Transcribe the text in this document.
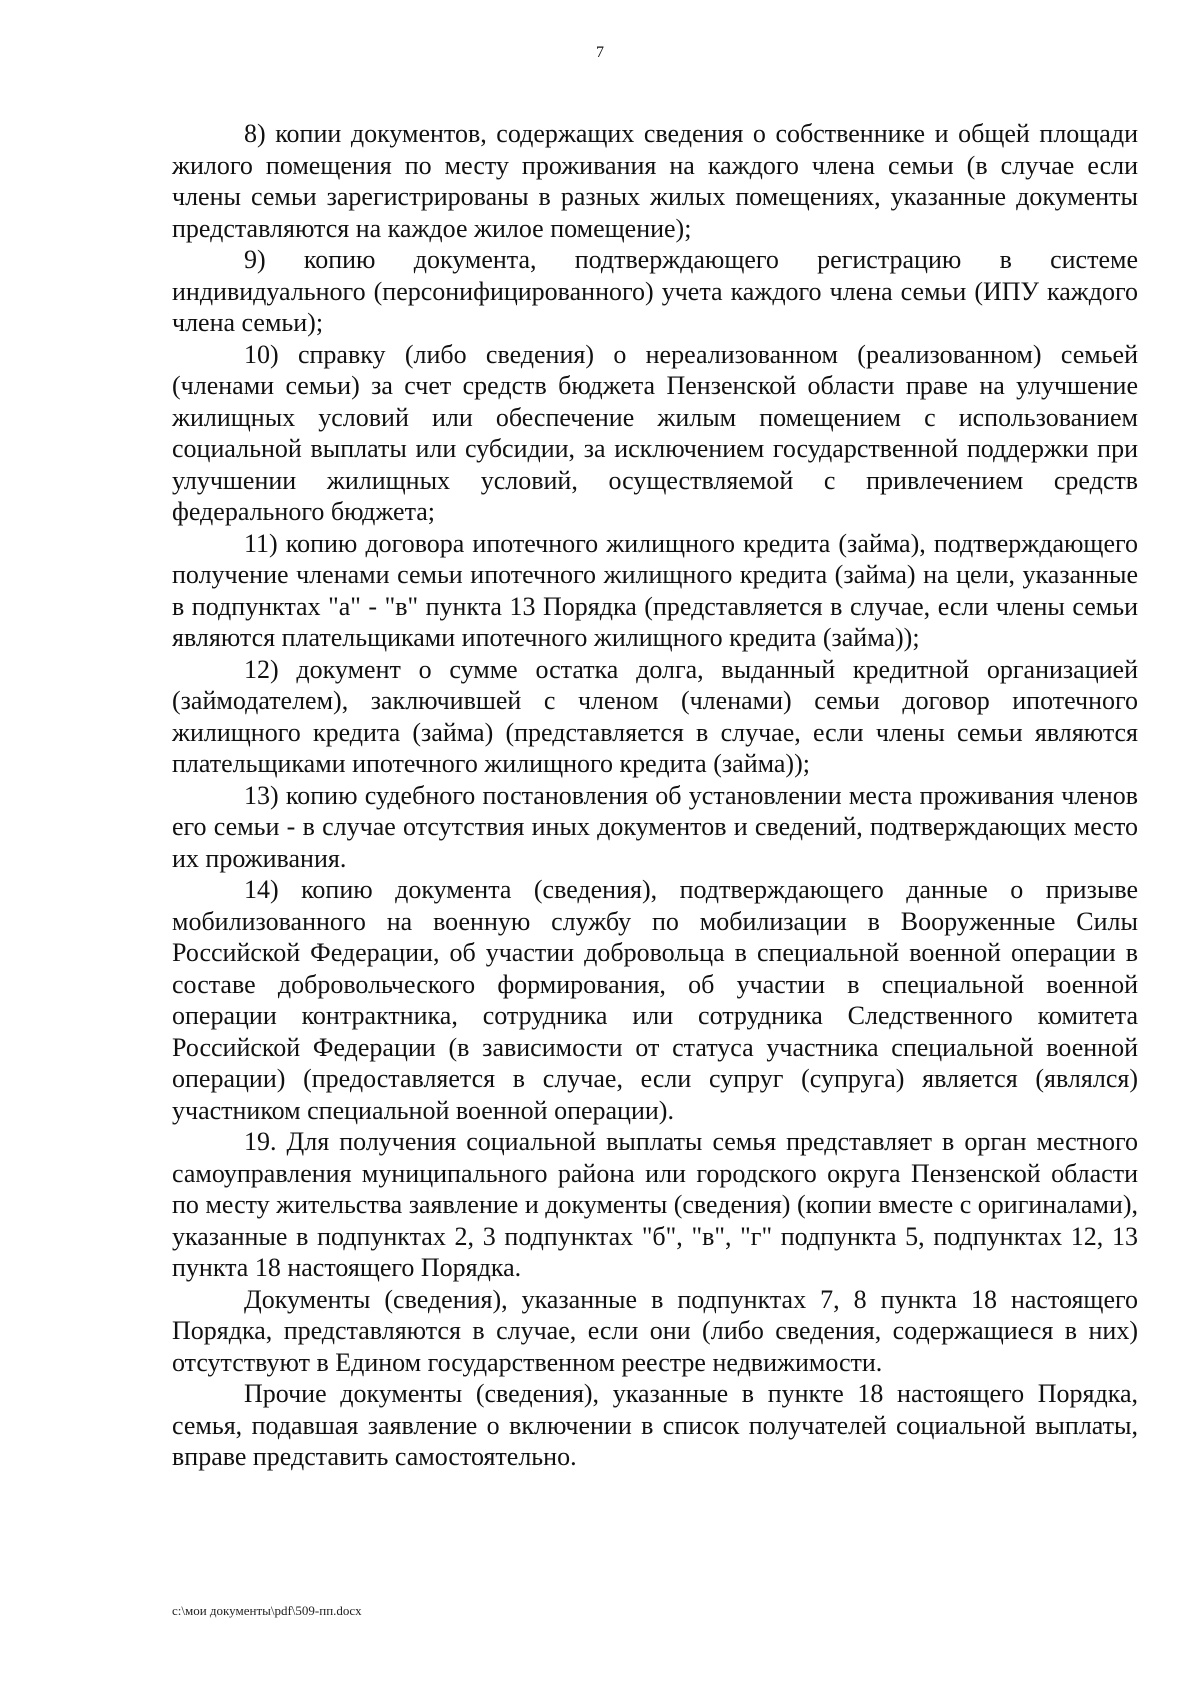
7

8) копии документов, содержащих сведения о собственнике и общей площади жилого помещения по месту проживания на каждого члена семьи (в случае если члены семьи зарегистрированы в разных жилых помещениях, указанные документы представляются на каждое жилое помещение);

9) копию документа, подтверждающего регистрацию в системе индивидуального (персонифицированного) учета каждого члена семьи (ИПУ каждого члена семьи);

10) справку (либо сведения) о нереализованном (реализованном) семьей (членами семьи) за счет средств бюджета Пензенской области праве на улучшение жилищных условий или обеспечение жилым помещением с использованием социальной выплаты или субсидии, за исключением государственной поддержки при улучшении жилищных условий, осуществляемой с привлечением средств федерального бюджета;

11) копию договора ипотечного жилищного кредита (займа), подтверждающего получение членами семьи ипотечного жилищного кредита (займа) на цели, указанные в подпунктах "а" - "в" пункта 13 Порядка (представляется в случае, если члены семьи являются плательщиками ипотечного жилищного кредита (займа));

12) документ о сумме остатка долга, выданный кредитной организацией (займодателем), заключившей с членом (членами) семьи договор ипотечного жилищного кредита (займа) (представляется в случае, если члены семьи являются плательщиками ипотечного жилищного кредита (займа));

13) копию судебного постановления об установлении места проживания членов его семьи - в случае отсутствия иных документов и сведений, подтверждающих место их проживания.

14) копию документа (сведения), подтверждающего данные о призыве мобилизованного на военную службу по мобилизации в Вооруженные Силы Российской Федерации, об участии добровольца в специальной военной операции в составе добровольческого формирования, об участии в специальной военной операции контрактника, сотрудника или сотрудника Следственного комитета Российской Федерации (в зависимости от статуса участника специальной военной операции) (предоставляется в случае, если супруг (супруга) является (являлся) участником специальной военной операции).

19. Для получения социальной выплаты семья представляет в орган местного самоуправления муниципального района или городского округа Пензенской области по месту жительства заявление и документы (сведения) (копии вместе с оригиналами), указанные в подпунктах 2, 3 подпунктах "б", "в", "г" подпункта 5, подпунктах 12, 13 пункта 18 настоящего Порядка.

Документы (сведения), указанные в подпунктах 7, 8 пункта 18 настоящего Порядка, представляются в случае, если они (либо сведения, содержащиеся в них) отсутствуют в Едином государственном реестре недвижимости.

Прочие документы (сведения), указанные в пункте 18 настоящего Порядка, семья, подавшая заявление о включении в список получателей социальной выплаты, вправе представить самостоятельно.

c:\мои документы\pdf\509-пп.docx
